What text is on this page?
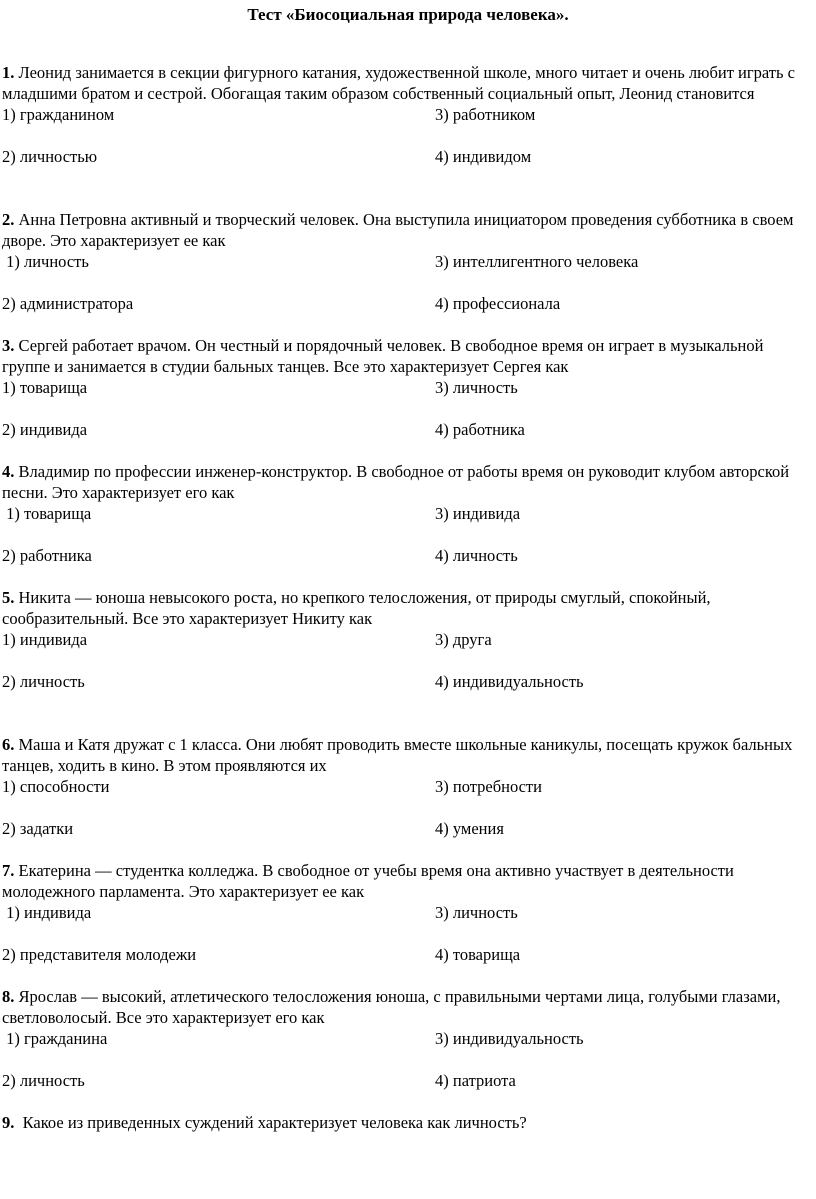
Тест «Биосоциальная природа человека».

1. Леонид занимается в секции фигурного катания, художественной школе, много читает и очень любит играть с младшими братом и сестрой. Обогащая таким образом собственный социальный опыт, Леонид становится

1) гражданином	3) работником
2) личностью	4) индивидом

2. Анна Петровна активный и творческий человек. Она выступила инициатором проведения субботника в своем дворе. Это характеризует ее как

1) личность	3) интеллигентного человека
2) администратора	4) профессионала

3. Сергей работает врачом. Он честный и порядочный человек. В свободное время он играет в музыкальной группе и занимается в студии бальных танцев. Все это характеризует Сергея как

1) товарища	3) личность
2) индивида	4) работника

4. Владимир по профессии инженер-конструктор. В свободное от работы время он руководит клубом авторской песни. Это характеризует его как

1) товарища	3) индивида
2) работника	4) личность

5. Никита — юноша невысокого роста, но крепкого телосложения, от природы смуглый, спокойный, сообразительный. Все это характеризует Никиту как

1) индивида	3) друга
2) личность	4) индивидуальность

6. Маша и Катя дружат с 1 класса. Они любят проводить вместе школьные каникулы, посещать кружок бальных танцев, ходить в кино. В этом проявляются их

1) способности	3) потребности
2) задатки	4) умения

7. Екатерина — студентка колледжа. В свободное от учебы время она активно участвует в деятельности молодежного парламента. Это характеризует ее как

1) индивида	3) личность
2) представителя молодежи	4) товарища

8. Ярослав — высокий, атлетического телосложения юноша, с правильными чертами лица, голубыми глазами, светловолосый. Все это характеризует его как

1) гражданина	3) индивидуальность
2) личность	4) патриота

9. Какое из приведенных суждений характеризует человека как личность?
